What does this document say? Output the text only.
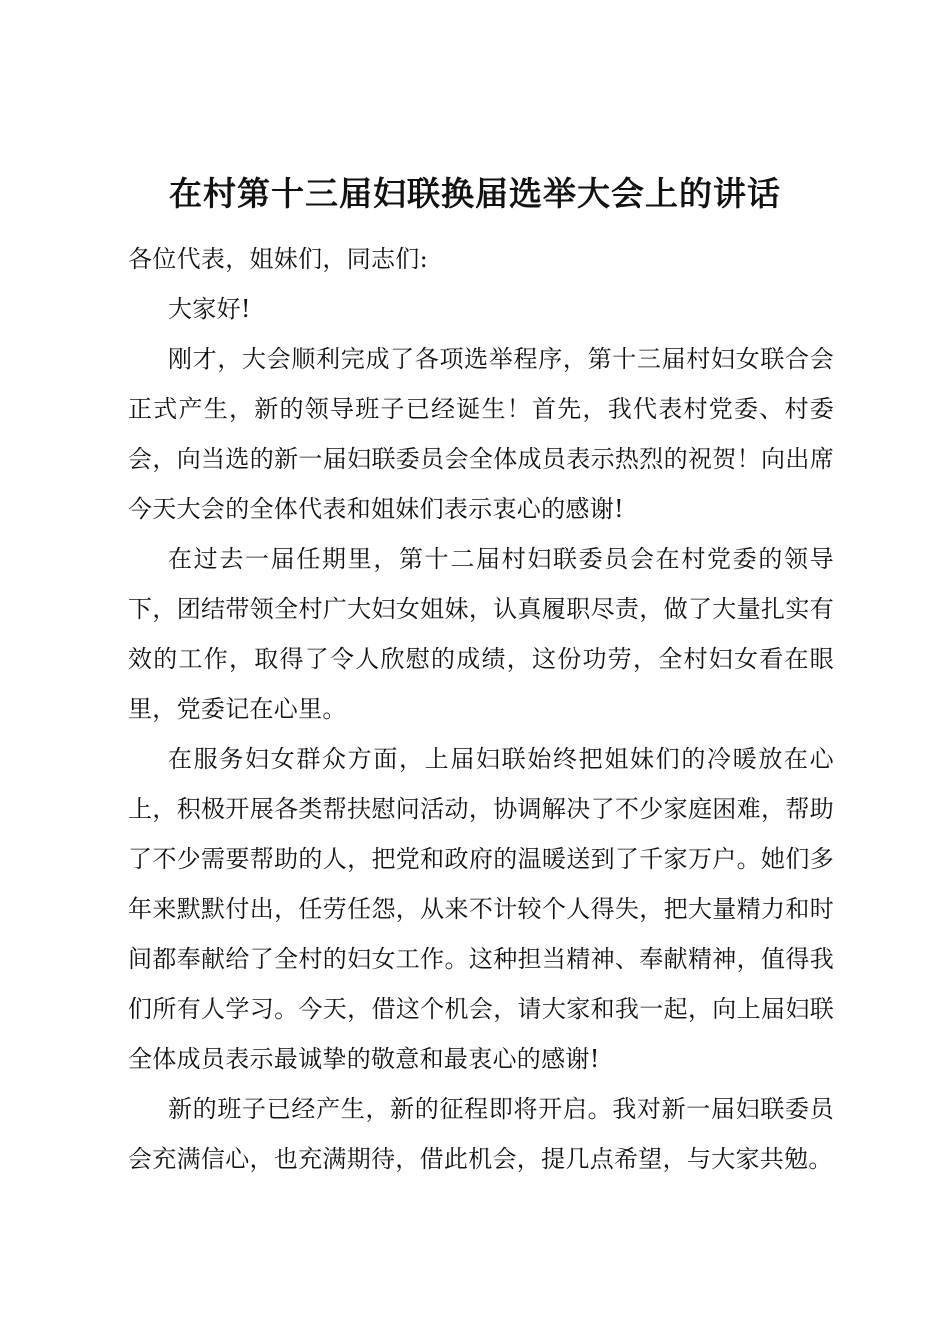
在村第十三届妇联换届选举大会上的讲话

各位代表，姐妹们，同志们:

大家好!

刚才，大会顺利完成了各项选举程序，第十三届村妇女联合会正式产生，新的领导班子已经诞生！首先，我代表村党委、村委会，向当选的新一届妇联委员会全体成员表示热烈的祝贺！向出席今天大会的全体代表和姐妹们表示衷心的感谢!

在过去一届任期里，第十二届村妇联委员会在村党委的领导下，团结带领全村广大妇女姐妹，认真履职尽责，做了大量扎实有效的工作，取得了令人欣慰的成绩，这份功劳，全村妇女看在眼里，党委记在心里。

在服务妇女群众方面，上届妇联始终把姐妹们的冷暖放在心上，积极开展各类帮扶慰问活动，协调解决了不少家庭困难，帮助了不少需要帮助的人，把党和政府的温暖送到了千家万户。她们多年来默默付出，任劳任怨，从来不计较个人得失，把大量精力和时间都奉献给了全村的妇女工作。这种担当精神、奉献精神，值得我们所有人学习。今天，借这个机会，请大家和我一起，向上届妇联全体成员表示最诚挚的敬意和最衷心的感谢!

新的班子已经产生，新的征程即将开启。我对新一届妇联委员会充满信心，也充满期待，借此机会，提几点希望，与大家共勉。
